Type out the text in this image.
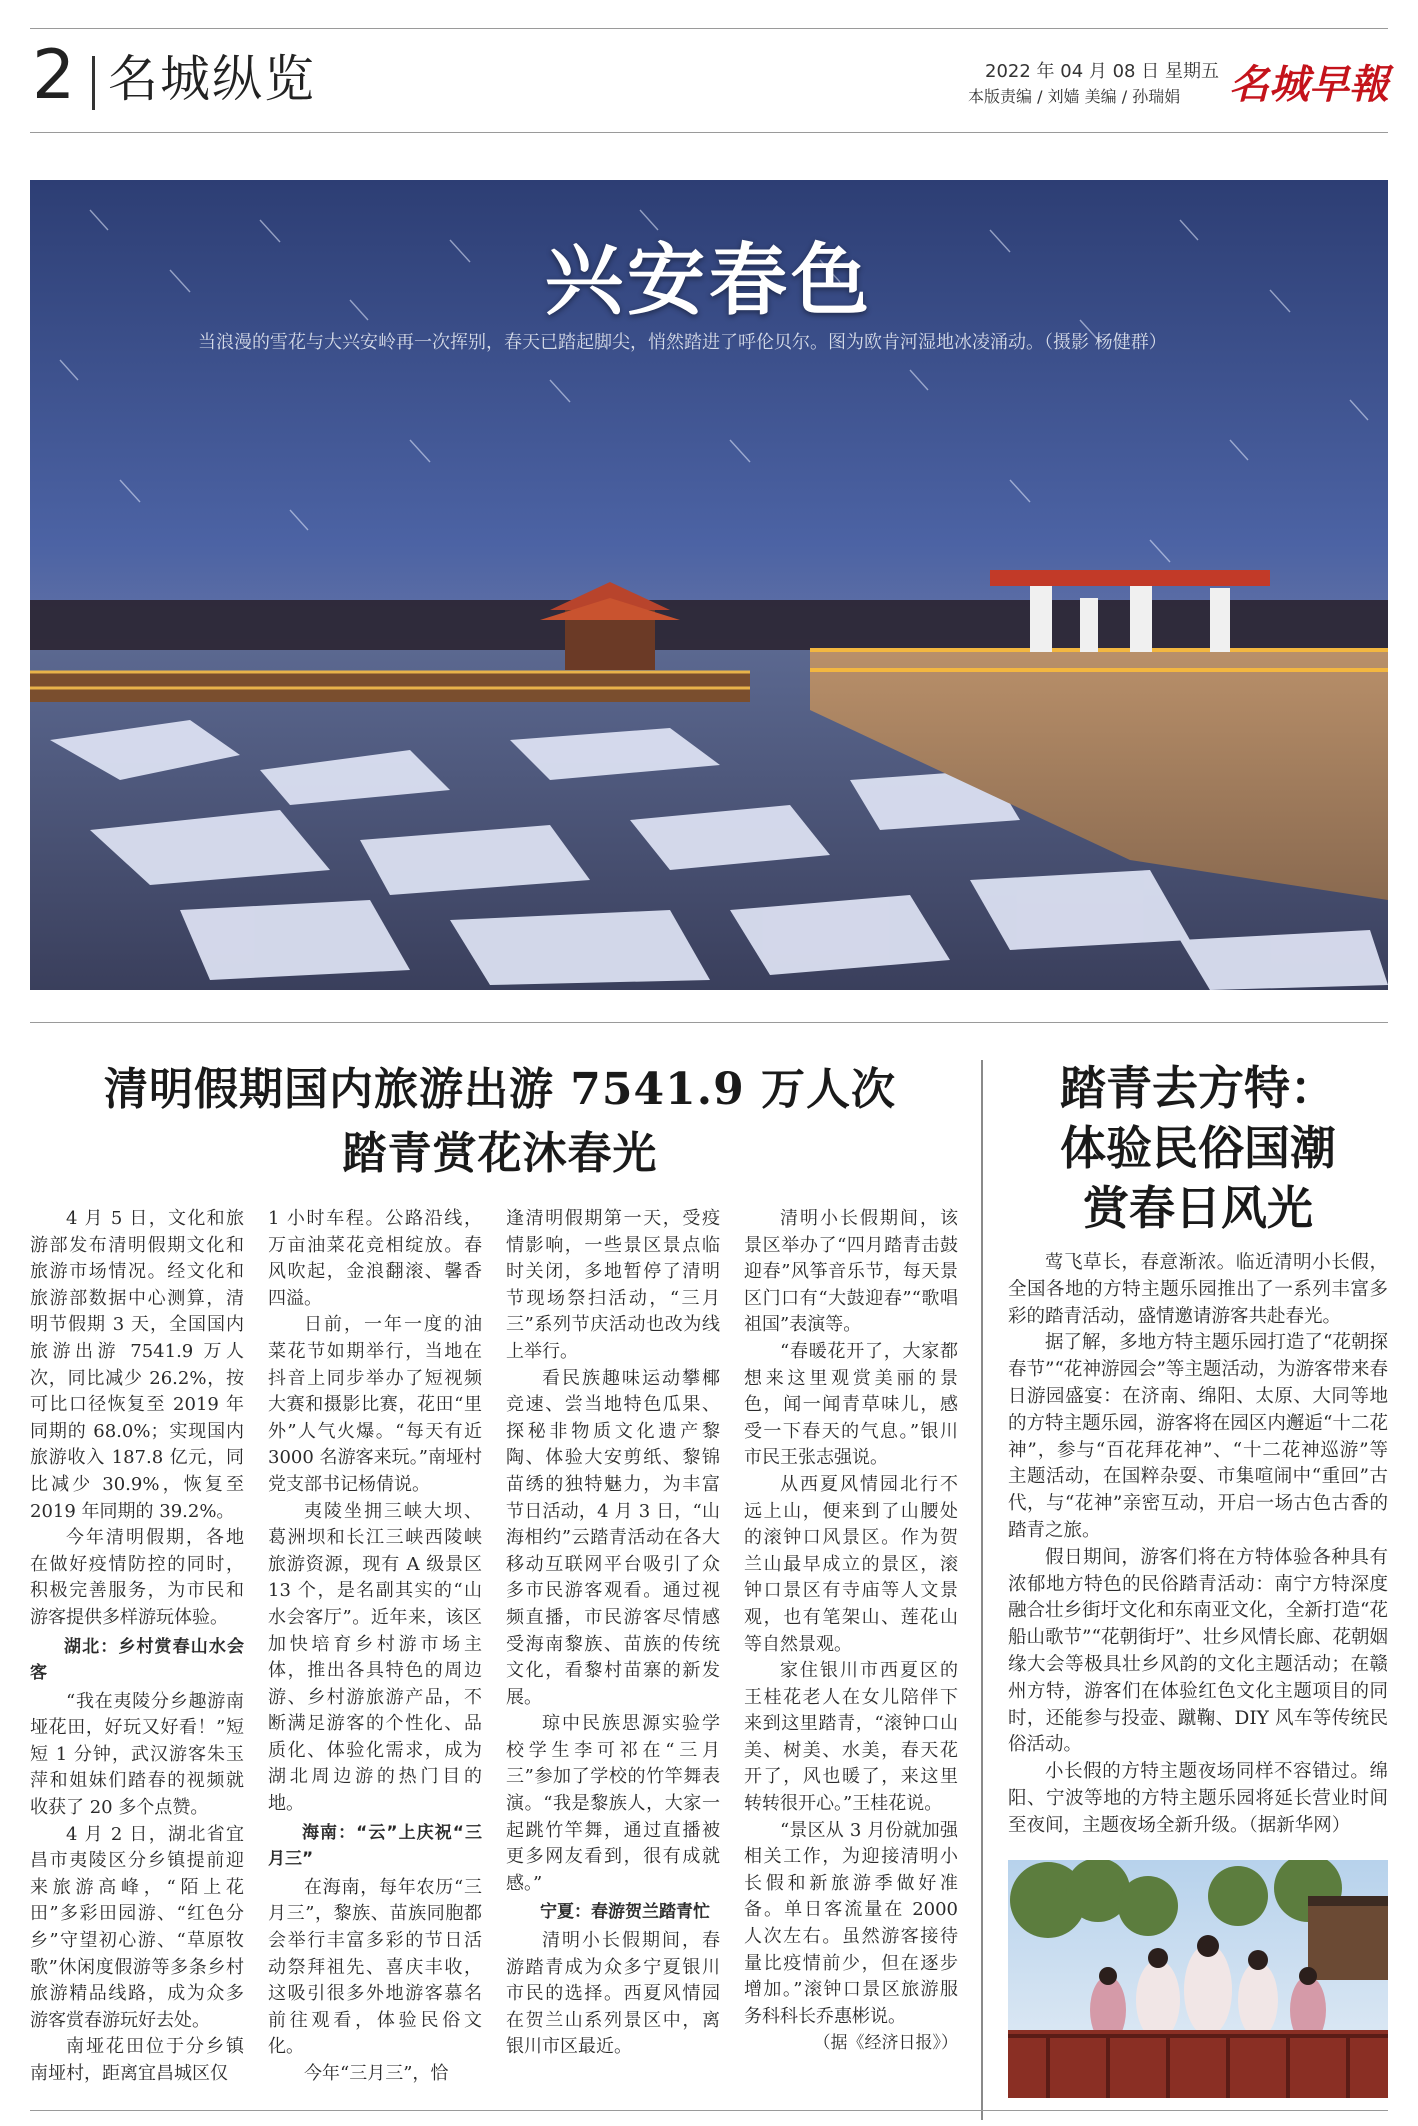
2 名城纵览	2022 年 04 月 08 日 星期五
本版责编 / 刘嫱 美编 / 孙瑞娟	名城早報
兴安春色
当浪漫的雪花与大兴安岭再一次挥别，春天已踏起脚尖，悄然踏进了呼伦贝尔。图为欧肯河湿地冰凌涌动。（摄影 杨健群）
清明假期国内旅游出游 7541.9 万人次
踏青赏花沐春光

4 月 5 日，文化和旅游部发布清明假期文化和旅游市场情况。经文化和旅游部数据中心测算，清明节假期 3 天，全国国内旅游出游 7541.9 万人次，同比减少 26.2%，按可比口径恢复至 2019 年同期的 68.0%；实现国内旅游收入 187.8 亿元，同比减少 30.9%，恢复至 2019 年同期的 39.2%。

今年清明假期，各地在做好疫情防控的同时，积极完善服务，为市民和游客提供多样游玩体验。

湖北：乡村赏春山水会客

“我在夷陵分乡趣游南垭花田，好玩又好看！”短短 1 分钟，武汉游客朱玉萍和姐妹们踏春的视频就收获了 20 多个点赞。

4 月 2 日，湖北省宜昌市夷陵区分乡镇提前迎来旅游高峰，“陌上花田”多彩田园游、“红色分乡”守望初心游、“草原牧歌”休闲度假游等多条乡村旅游精品线路，成为众多游客赏春游玩好去处。

南垭花田位于分乡镇南垭村，距离宜昌城区仅

1 小时车程。公路沿线，万亩油菜花竞相绽放。春风吹起，金浪翻滚、馨香四溢。

日前，一年一度的油菜花节如期举行，当地在抖音上同步举办了短视频大赛和摄影比赛，花田“里外”人气火爆。“每天有近 3000 名游客来玩。”南垭村党支部书记杨倩说。

夷陵坐拥三峡大坝、葛洲坝和长江三峡西陵峡旅游资源，现有 A 级景区 13 个，是名副其实的“山水会客厅”。近年来，该区加快培育乡村游市场主体，推出各具特色的周边游、乡村游旅游产品，不断满足游客的个性化、品质化、体验化需求，成为湖北周边游的热门目的地。

海南：“云”上庆祝“三月三”

在海南，每年农历“三月三”，黎族、苗族同胞都会举行丰富多彩的节日活动祭拜祖先、喜庆丰收，这吸引很多外地游客慕名前往观看，体验民俗文化。

今年“三月三”，恰

逢清明假期第一天，受疫情影响，一些景区景点临时关闭，多地暂停了清明节现场祭扫活动，“三月三”系列节庆活动也改为线上举行。

看民族趣味运动攀椰竞速、尝当地特色瓜果、探秘非物质文化遗产黎陶、体验大安剪纸、黎锦苗绣的独特魅力，为丰富节日活动，4 月 3 日，“山海相约”云踏青活动在各大移动互联网平台吸引了众多市民游客观看。通过视频直播，市民游客尽情感受海南黎族、苗族的传统文化，看黎村苗寨的新发展。

琼中民族思源实验学校学生李可祁在“三月三”参加了学校的竹竿舞表演。“我是黎族人，大家一起跳竹竿舞，通过直播被更多网友看到，很有成就感。”

宁夏：春游贺兰踏青忙

清明小长假期间，春游踏青成为众多宁夏银川市民的选择。西夏风情园在贺兰山系列景区中，离银川市区最近。

清明小长假期间，该景区举办了“四月踏青击鼓迎春”风筝音乐节，每天景区门口有“大鼓迎春”“歌唱祖国”表演等。

“春暖花开了，大家都想来这里观赏美丽的景色，闻一闻青草味儿，感受一下春天的气息。”银川市民王张志强说。

从西夏风情园北行不远上山，便来到了山腰处的滚钟口风景区。作为贺兰山最早成立的景区，滚钟口景区有寺庙等人文景观，也有笔架山、莲花山等自然景观。

家住银川市西夏区的王桂花老人在女儿陪伴下来到这里踏青，“滚钟口山美、树美、水美，春天花开了，风也暖了，来这里转转很开心。”王桂花说。

“景区从 3 月份就加强相关工作，为迎接清明小长假和新旅游季做好准备。单日客流量在 2000 人次左右。虽然游客接待量比疫情前少，但在逐步增加。”滚钟口景区旅游服务科科长乔惠彬说。

（据《经济日报》）

踏青去方特：
体验民俗国潮
赏春日风光

莺飞草长，春意渐浓。临近清明小长假，全国各地的方特主题乐园推出了一系列丰富多彩的踏青活动，盛情邀请游客共赴春光。

据了解，多地方特主题乐园打造了“花朝探春节”“花神游园会”等主题活动，为游客带来春日游园盛宴：在济南、绵阳、太原、大同等地的方特主题乐园，游客将在园区内邂逅“十二花神”，参与“百花拜花神”、“十二花神巡游”等主题活动，在国粹杂耍、市集喧闹中“重回”古代，与“花神”亲密互动，开启一场古色古香的踏青之旅。

假日期间，游客们将在方特体验各种具有浓郁地方特色的民俗踏青活动：南宁方特深度融合壮乡街圩文化和东南亚文化，全新打造“花船山歌节”“花朝街圩”、壮乡风情长廊、花朝姻缘大会等极具壮乡风韵的文化主题活动；在赣州方特，游客们在体验红色文化主题项目的同时，还能参与投壶、蹴鞠、DIY 风车等传统民俗活动。

小长假的方特主题夜场同样不容错过。绵阳、宁波等地的方特主题乐园将延长营业时间至夜间，主题夜场全新升级。（据新华网）
